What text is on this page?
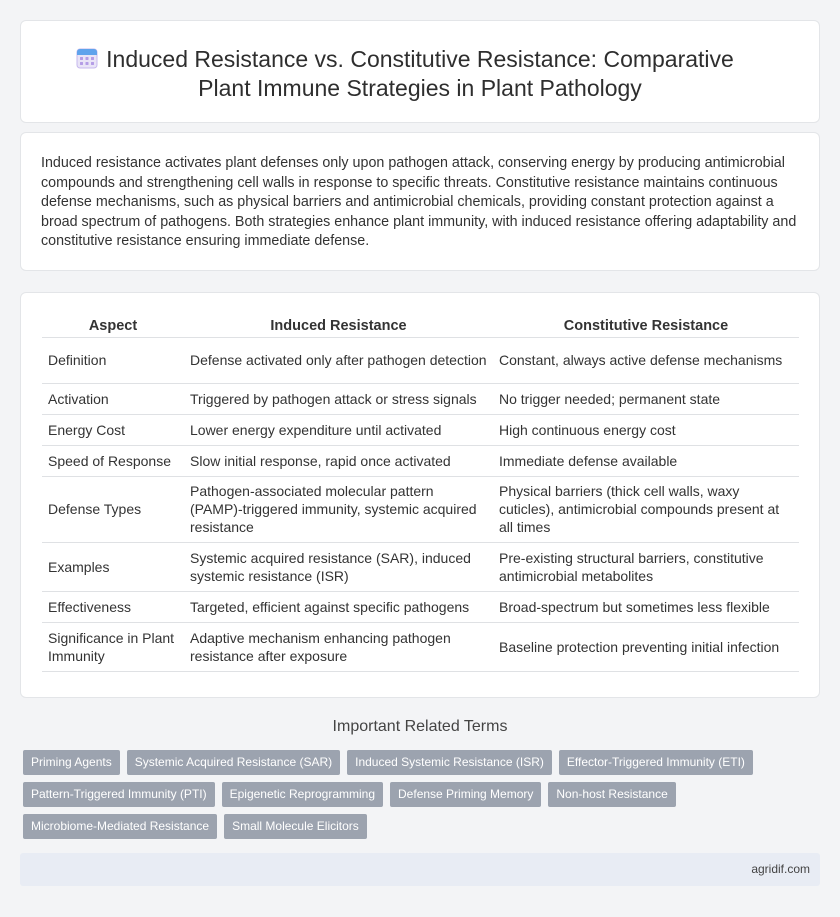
Induced Resistance vs. Constitutive Resistance: Comparative
Plant Immune Strategies in Plant Pathology

Induced resistance activates plant defenses only upon pathogen attack, conserving energy by producing antimicrobial compounds and strengthening cell walls in response to specific threats. Constitutive resistance maintains continuous defense mechanisms, such as physical barriers and antimicrobial chemicals, providing constant protection against a broad spectrum of pathogens. Both strategies enhance plant immunity, with induced resistance offering adaptability and constitutive resistance ensuring immediate defense.

Aspect	Induced Resistance	Constitutive Resistance
Definition	Defense activated only after pathogen detection	Constant, always active defense mechanisms
Activation	Triggered by pathogen attack or stress signals	No trigger needed; permanent state
Energy Cost	Lower energy expenditure until activated	High continuous energy cost
Speed of Response	Slow initial response, rapid once activated	Immediate defense available
Defense Types	Pathogen-associated molecular pattern (PAMP)-triggered immunity, systemic acquired resistance	Physical barriers (thick cell walls, waxy cuticles), antimicrobial compounds present at all times
Examples	Systemic acquired resistance (SAR), induced systemic resistance (ISR)	Pre-existing structural barriers, constitutive antimicrobial metabolites
Effectiveness	Targeted, efficient against specific pathogens	Broad-spectrum but sometimes less flexible
Significance in Plant Immunity	Adaptive mechanism enhancing pathogen resistance after exposure	Baseline protection preventing initial infection
Important Related Terms
Priming Agents	Systemic Acquired Resistance (SAR)	Induced Systemic Resistance (ISR)	Effector-Triggered Immunity (ETI)
Pattern-Triggered Immunity (PTI)	Epigenetic Reprogramming	Defense Priming Memory	Non-host Resistance
Microbiome-Mediated Resistance	Small Molecule Elicitors
agridif.com
